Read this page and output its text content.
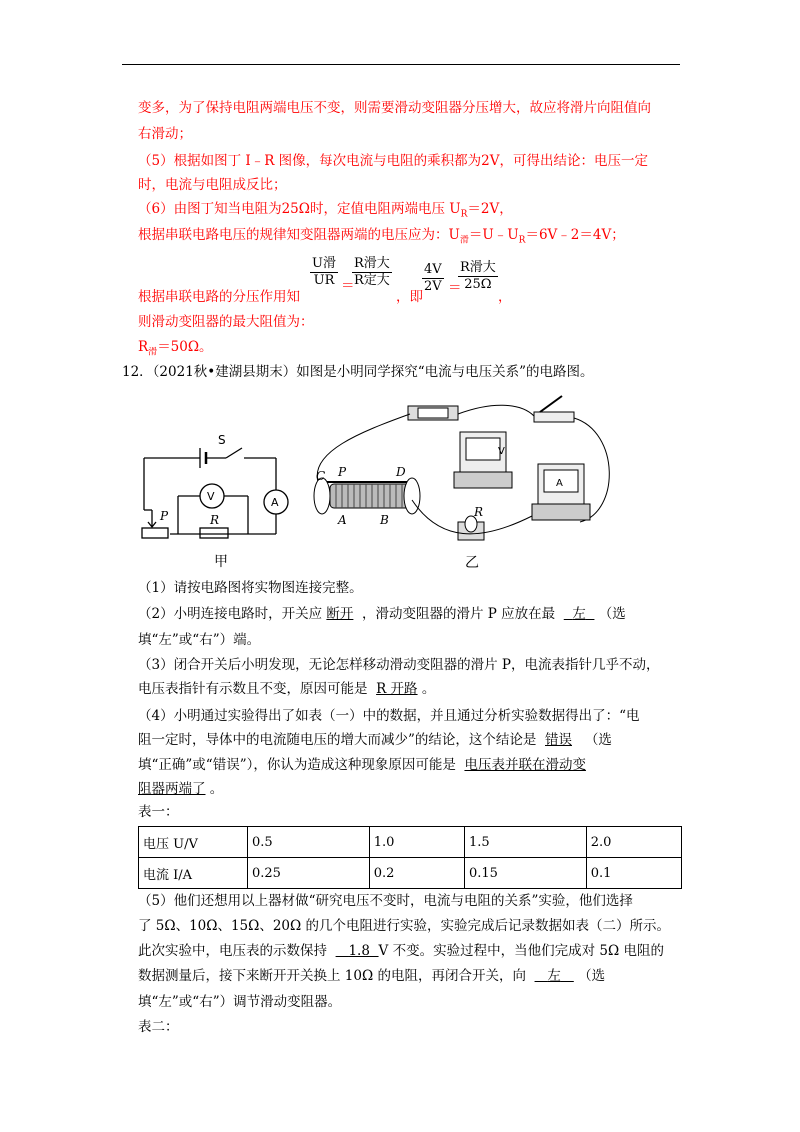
变多，为了保持电阻两端电压不变，则需要滑动变阻器分压增大，故应将滑片向阻值向
右滑动；
（5）根据如图丁 I﹣R 图像，每次电流与电阻的乘积都为2V，可得出结论：电压一定
时，电流与电阻成反比；
（6）由图丁知当电阻为25Ω时，定值电阻两端电压 $U_R=2V$，
根据串联电路电压的规律知变阻器两端的电压应为：$U_滑=U﹣U_R=6V﹣2=4V$；
根据串联电路的分压作用知
U滑
UR ＝
R滑大
R定大
，即
$\frac{4V}{2V}$ ＝
R滑大
25Ω
，
则滑动变阻器的最大阻值为：
$R_滑=50\Omega$。
12．（2021秋•建湖县期末）如图是小明同学探究“电流与电压关系”的电路图。
S
V	A
P	R
甲
V
A
C P	D
A	B
R
乙
（1）请按电路图将实物图连接完整。
（2）小明连接电路时，开关应 断开 ，滑动变阻器的滑片 P 应放在最 左 （选
填“左”或“右”）端。
（3）闭合开关后小明发现，无论怎样移动滑动变阻器的滑片 P，电流表指针几乎不动，
电压表指针有示数且不变，原因可能是 R 开路 。
（4）小明通过实验得出了如表（一）中的数据，并且通过分析实验数据得出了：“电
阻一定时，导体中的电流随电压的增大而减少”的结论，这个结论是 错误 （选
填“正确”或“错误”），你认为造成这种现象原因可能是 电压表并联在滑动变
阻器两端了 。
表一：
电压 U/V	0.5	1.0	1.5	2.0
电流 I/A	0.25	0.2	0.15	0.1
（5）他们还想用以上器材做“研究电压不变时，电流与电阻的关系”实验，他们选择
了 5Ω、10Ω、15Ω、20Ω 的几个电阻进行实验，实验完成后记录数据如表（二）所示。
此次实验中，电压表的示数保持 1.8 V 不变。实验过程中，当他们完成对 5Ω 电阻的
数据测量后，接下来断开开关换上 10Ω 的电阻，再闭合开关，向 左 （选
填“左”或“右”）调节滑动变阻器。
表二：
